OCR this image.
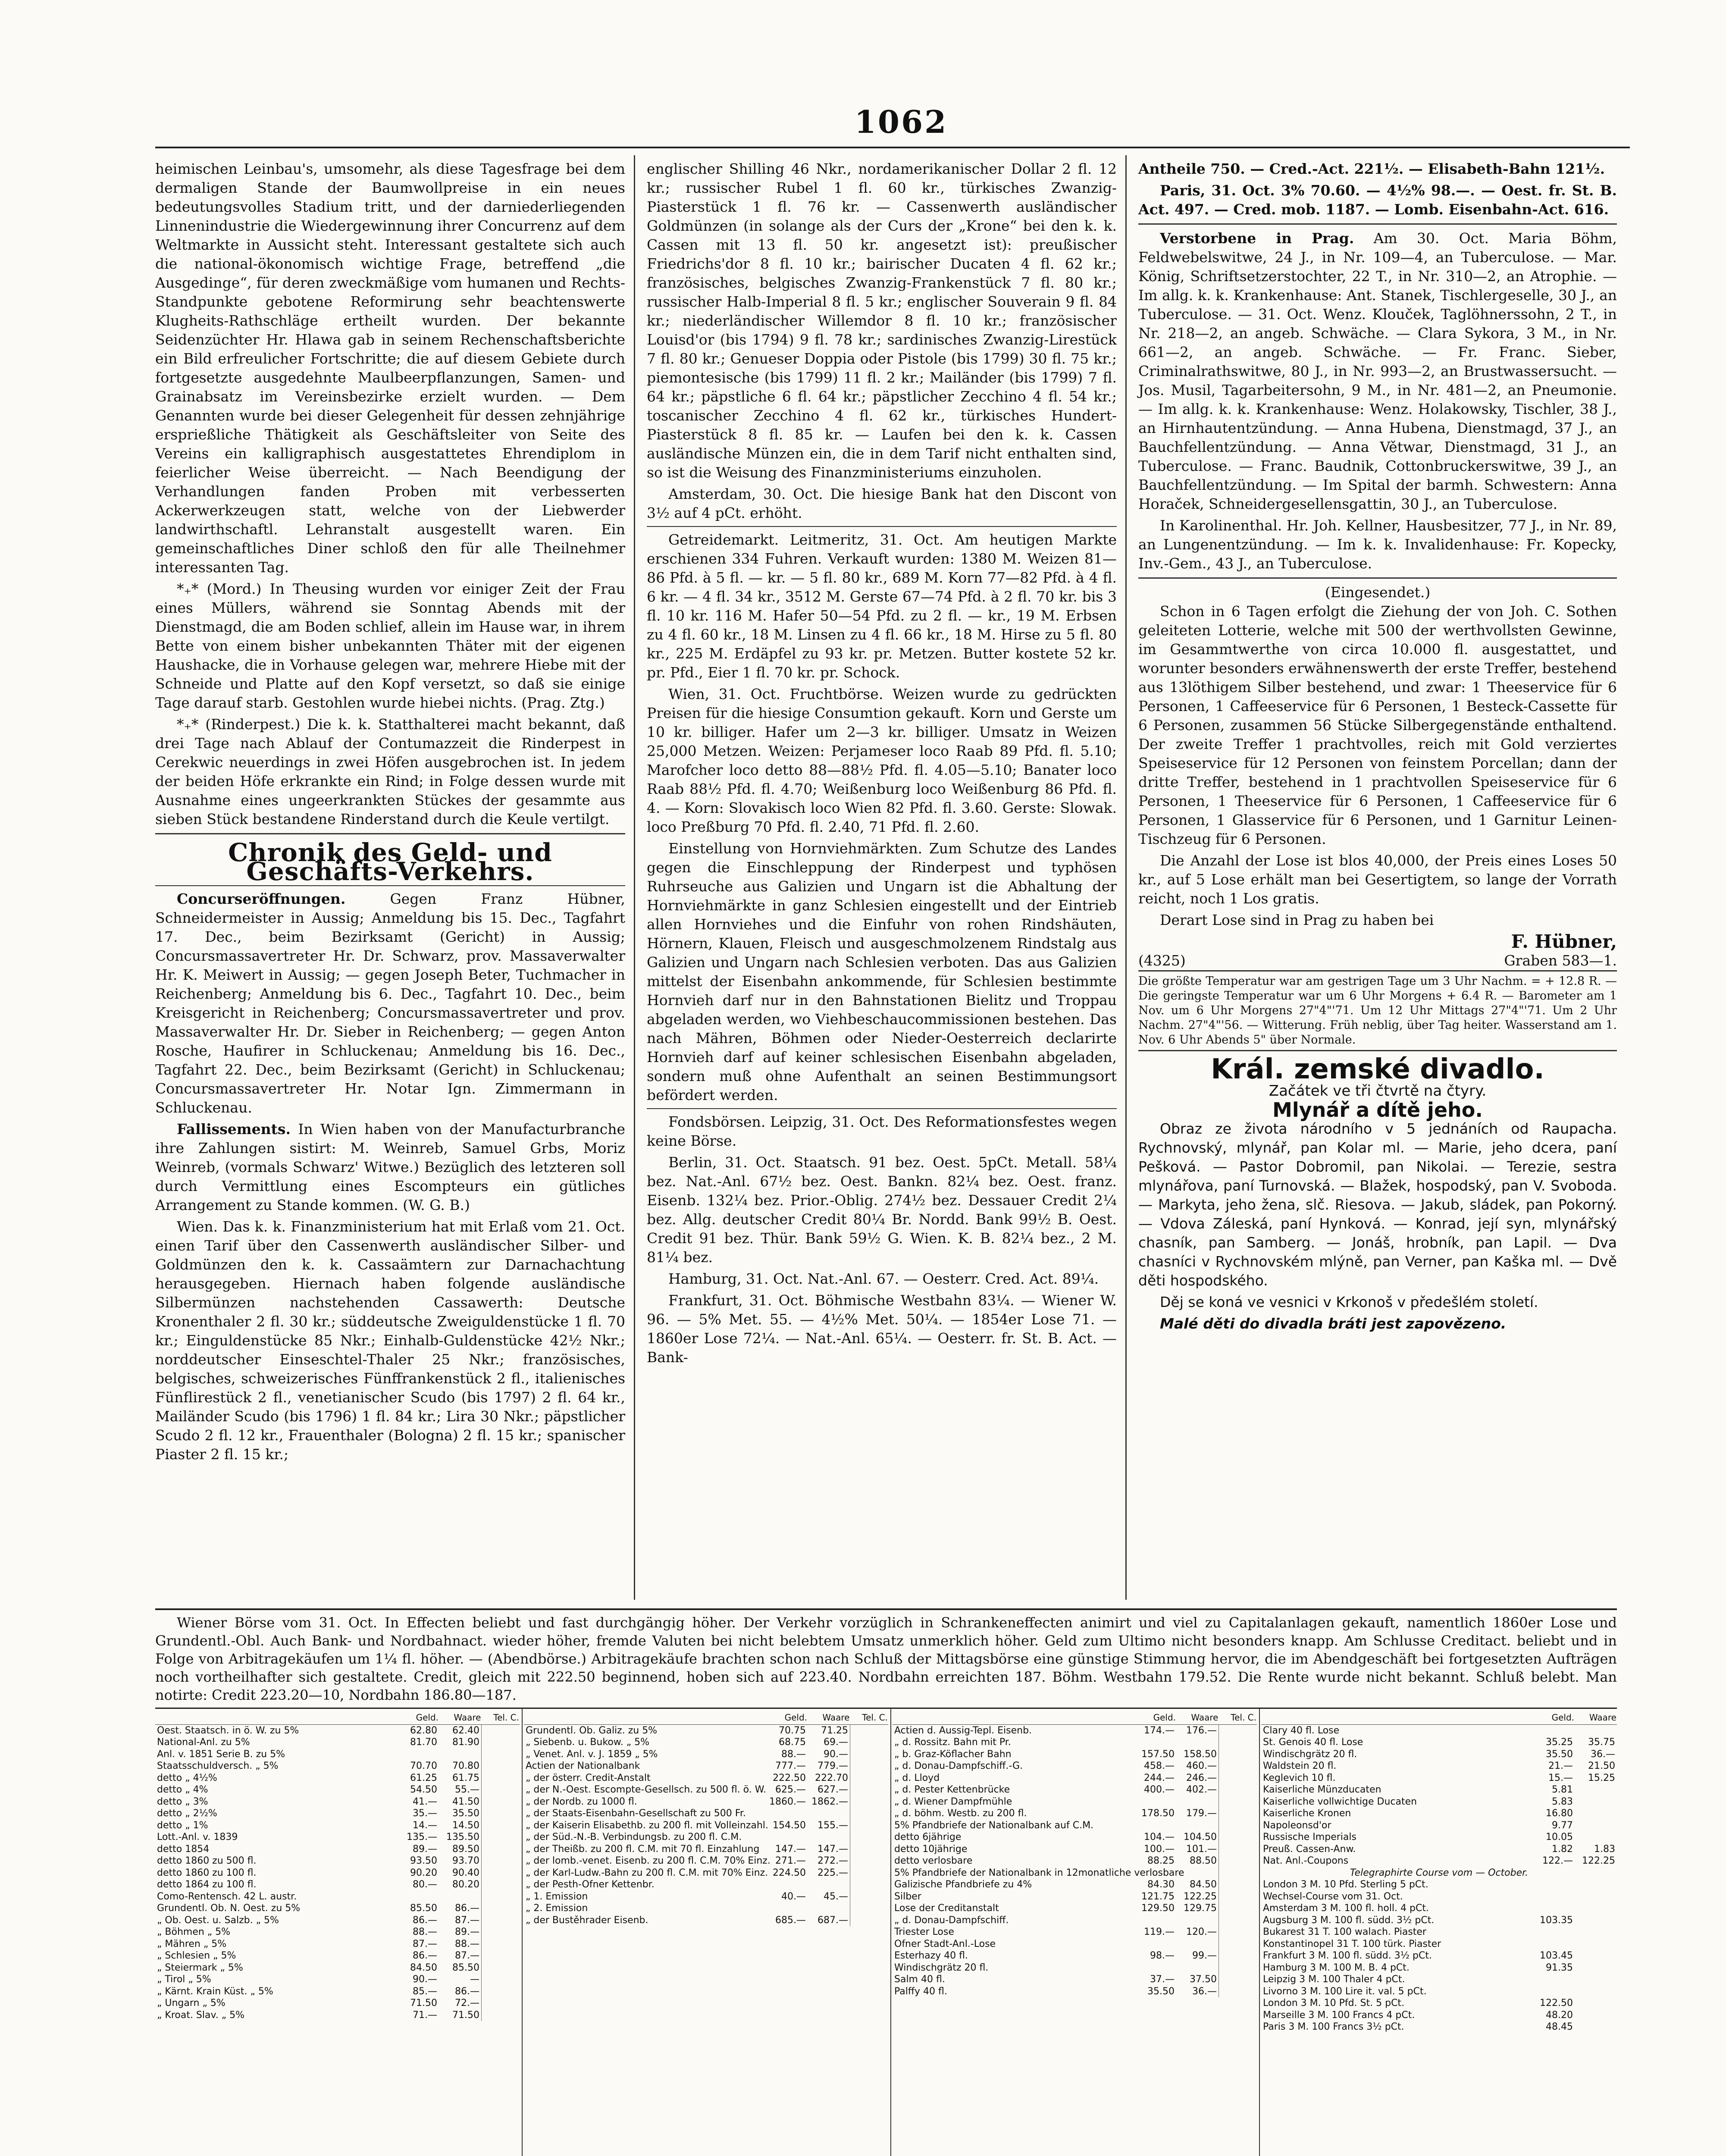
1062

heimischen Leinbau's, umsomehr, als diese Tagesfrage bei dem dermaligen Stande der Baumwollpreise in ein neues bedeutungsvolles Stadium tritt, und der darniederliegenden Linnenindustrie die Wiedergewinnung ihrer Concurrenz auf dem Weltmarkte in Aussicht steht. Interessant gestaltete sich auch die national-ökonomisch wichtige Frage, betreffend „die Ausgedinge“, für deren zweckmäßige vom humanen und Rechts-Standpunkte gebotene Reformirung sehr beachtenswerte Klugheits-Rathschläge ertheilt wurden. Der bekannte Seidenzüchter Hr. Hlawa gab in seinem Rechenschaftsberichte ein Bild erfreulicher Fortschritte; die auf diesem Gebiete durch fortgesetzte ausgedehnte Maulbeerpflanzungen, Samen- und Grainabsatz im Vereinsbezirke erzielt wurden. — Dem Genannten wurde bei dieser Gelegenheit für dessen zehnjährige ersprießliche Thätigkeit als Geschäftsleiter von Seite des Vereins ein kalligraphisch ausgestattetes Ehrendiplom in feierlicher Weise überreicht. — Nach Beendigung der Verhandlungen fanden Proben mit verbesserten Ackerwerkzeugen statt, welche von der Liebwerder landwirthschaftl. Lehranstalt ausgestellt waren. Ein gemeinschaftliches Diner schloß den für alle Theilnehmer interessanten Tag.

*₊* (Mord.) In Theusing wurden vor einiger Zeit der Frau eines Müllers, während sie Sonntag Abends mit der Dienstmagd, die am Boden schlief, allein im Hause war, in ihrem Bette von einem bisher unbekannten Thäter mit der eigenen Haushacke, die in Vorhause gelegen war, mehrere Hiebe mit der Schneide und Platte auf den Kopf versetzt, so daß sie einige Tage darauf starb. Gestohlen wurde hiebei nichts. (Prag. Ztg.)

*₊* (Rinderpest.) Die k. k. Statthalterei macht bekannt, daß drei Tage nach Ablauf der Contumazzeit die Rinderpest in Cerekwic neuerdings in zwei Höfen ausgebrochen ist. In jedem der beiden Höfe erkrankte ein Rind; in Folge dessen wurde mit Ausnahme eines ungeerkrankten Stückes der gesammte aus sieben Stück bestandene Rinderstand durch die Keule vertilgt.

Chronik des Geld- und Geschäfts-Verkehrs.

Concurseröffnungen.	Gegen Franz Hübner, Schneidermeister in Aussig; Anmeldung bis 15. Dec., Tagfahrt 17. Dec., beim Bezirksamt (Gericht) in Aussig; Concursmassavertreter Hr. Dr. Schwarz, prov. Massaverwalter Hr. K. Meiwert in Aussig; — gegen Joseph Beter, Tuchmacher in Reichenberg; Anmeldung bis 6. Dec., Tagfahrt 10. Dec., beim Kreisgericht in Reichenberg; Concursmassavertreter und prov. Massaverwalter Hr. Dr. Sieber in Reichenberg; — gegen Anton Rosche, Haufirer in Schluckenau; Anmeldung bis 16. Dec., Tagfahrt 22. Dec., beim Bezirksamt (Gericht) in Schluckenau; Concursmassavertreter Hr. Notar Ign. Zimmermann in Schluckenau.

Fallissements. In Wien haben von der Manufacturbranche ihre Zahlungen sistirt: M. Weinreb, Samuel Grbs, Moriz Weinreb, (vormals Schwarz' Witwe.) Bezüglich des letzteren soll durch Vermittlung eines Escompteurs ein gütliches Arrangement zu Stande kommen. (W. G. B.)

Wien. Das k. k. Finanzministerium hat mit Erlaß vom 21. Oct. einen Tarif über den Cassenwerth ausländischer Silber- und Goldmünzen den k. k. Cassaämtern zur Darnachachtung herausgegeben. Hiernach haben folgende ausländische Silbermünzen nachstehenden Cassawerth: Deutsche Kronenthaler 2 fl. 30 kr.; süddeutsche Zweiguldenstücke 1 fl. 70 kr.; Einguldenstücke 85 Nkr.; Einhalb-Guldenstücke 42½ Nkr.; norddeutscher Einseschtel-Thaler 25 Nkr.; französisches, belgisches, schweizerisches Fünffrankenstück 2 fl., italienisches Fünflirestück 2 fl., venetianischer Scudo (bis 1797) 2 fl. 64 kr., Mailänder Scudo (bis 1796) 1 fl. 84 kr.; Lira 30 Nkr.; päpstlicher Scudo 2 fl. 12 kr., Frauenthaler (Bologna) 2 fl. 15 kr.; spanischer Piaster 2 fl. 15 kr.;

englischer Shilling 46 Nkr., nordamerikanischer Dollar 2 fl. 12 kr.; russischer Rubel 1 fl. 60 kr., türkisches Zwanzig-Piasterstück 1 fl. 76 kr. — Cassenwerth ausländischer Goldmünzen (in solange als der Curs der „Krone“ bei den k. k. Cassen mit 13 fl. 50 kr. angesetzt ist): preußischer Friedrichs'dor 8 fl. 10 kr.; bairischer Ducaten 4 fl. 62 kr.; französisches, belgisches Zwanzig-Frankenstück 7 fl. 80 kr.; russischer Halb-Imperial 8 fl. 5 kr.; englischer Souverain 9 fl. 84 kr.; niederländischer Willemdor 8 fl. 10 kr.; französischer Louisd'or (bis 1794) 9 fl. 78 kr.; sardinisches Zwanzig-Lirestück 7 fl. 80 kr.; Genueser Doppia oder Pistole (bis 1799) 30 fl. 75 kr.; piemontesische (bis 1799) 11 fl. 2 kr.; Mailänder (bis 1799) 7 fl. 64 kr.; päpstliche 6 fl. 64 kr.; päpstlicher Zecchino 4 fl. 54 kr.; toscanischer Zecchino 4 fl. 62 kr., türkisches Hundert-Piasterstück 8 fl. 85 kr. — Laufen bei den k. k. Cassen ausländische Münzen ein, die in dem Tarif nicht enthalten sind, so ist die Weisung des Finanzministeriums einzuholen.

Amsterdam, 30. Oct. Die hiesige Bank hat den Discont von 3½ auf 4 pCt. erhöht.

Getreidemarkt. Leitmeritz, 31. Oct. Am heutigen Markte erschienen 334 Fuhren. Verkauft wurden: 1380 M. Weizen 81—86 Pfd. à 5 fl. — kr. — 5 fl. 80 kr., 689 M. Korn 77—82 Pfd. à 4 fl. 6 kr. — 4 fl. 34 kr., 3512 M. Gerste 67—74 Pfd. à 2 fl. 70 kr. bis 3 fl. 10 kr. 116 M. Hafer 50—54 Pfd. zu 2 fl. — kr., 19 M. Erbsen zu 4 fl. 60 kr., 18 M. Linsen zu 4 fl. 66 kr., 18 M. Hirse zu 5 fl. 80 kr., 225 M. Erdäpfel zu 93 kr. pr. Metzen. Butter kostete 52 kr. pr. Pfd., Eier 1 fl. 70 kr. pr. Schock.

Wien, 31. Oct. Fruchtbörse. Weizen wurde zu gedrückten Preisen für die hiesige Consumtion gekauft. Korn und Gerste um 10 kr. billiger. Hafer um 2—3 kr. billiger. Umsatz in Weizen 25,000 Metzen. Weizen: Perjameser loco Raab 89 Pfd. fl. 5.10; Marofcher loco detto 88—88½ Pfd. fl. 4.05—5.10; Banater loco Raab 88½ Pfd. fl. 4.70; Weißenburg loco Weißenburg 86 Pfd. fl. 4. — Korn: Slovakisch loco Wien 82 Pfd. fl. 3.60. Gerste: Slowak. loco Preßburg 70 Pfd. fl. 2.40, 71 Pfd. fl. 2.60.

Einstellung von Hornviehmärkten. Zum Schutze des Landes gegen die Einschleppung der Rinderpest und typhösen Ruhrseuche aus Galizien und Ungarn ist die Abhaltung der Hornviehmärkte in ganz Schlesien eingestellt und der Eintrieb allen Hornviehes und die Einfuhr von rohen Rindshäuten, Hörnern, Klauen, Fleisch und ausgeschmolzenem Rindstalg aus Galizien und Ungarn nach Schlesien verboten. Das aus Galizien mittelst der Eisenbahn ankommende, für Schlesien bestimmte Hornvieh darf nur in den Bahnstationen Bielitz und Troppau abgeladen werden, wo Viehbeschaucommissionen bestehen. Das nach Mähren, Böhmen oder Nieder-Oesterreich declarirte Hornvieh darf auf keiner schlesischen Eisenbahn abgeladen, sondern muß ohne Aufenthalt an seinen Bestimmungsort befördert werden.

Fondsbörsen. Leipzig, 31. Oct. Des Reformationsfestes wegen keine Börse.

Berlin, 31. Oct. Staatsch. 91 bez. Oest. 5pCt. Metall. 58¼ bez. Nat.-Anl. 67½ bez. Oest. Bankn. 82¼ bez. Oest. franz. Eisenb. 132¼ bez. Prior.-Oblig. 274½ bez. Dessauer Credit 2¼ bez. Allg. deutscher Credit 80¼ Br. Nordd. Bank 99½ B. Oest. Credit 91 bez. Thür. Bank 59½ G. Wien. K. B. 82¼ bez., 2 M. 81¼ bez.

Hamburg, 31. Oct. Nat.-Anl. 67. — Oesterr. Cred. Act. 89¼.

Frankfurt, 31. Oct. Böhmische Westbahn 83¼. — Wiener W. 96. — 5% Met. 55. — 4½% Met. 50¼. — 1854er Lose 71. — 1860er Lose 72¼. — Nat.-Anl. 65¼. — Oesterr. fr. St. B. Act. — Bank-

Antheile 750. — Cred.-Act. 221½. — Elisabeth-Bahn 121½.

Paris, 31. Oct. 3% 70.60. — 4½% 98.—. — Oest. fr. St. B. Act. 497. — Cred. mob. 1187. — Lomb. Eisenbahn-Act. 616.

Verstorbene in Prag. Am 30. Oct. Maria Böhm, Feldwebelswitwe, 24 J., in Nr. 109—4, an Tuberculose. — Mar. König, Schriftsetzerstochter, 22 T., in Nr. 310—2, an Atrophie. — Im allg. k. k. Krankenhause: Ant. Stanek, Tischlergeselle, 30 J., an Tuberculose. — 31. Oct. Wenz. Klouček, Taglöhnerssohn, 2 T., in Nr. 218—2, an angeb. Schwäche. — Clara Sykora, 3 M., in Nr. 661—2, an angeb. Schwäche. — Fr. Franc. Sieber, Criminalrathswitwe, 80 J., in Nr. 993—2, an Brustwassersucht. — Jos. Musil, Tagarbeitersohn, 9 M., in Nr. 481—2, an Pneumonie. — Im allg. k. k. Krankenhause: Wenz. Holakowsky, Tischler, 38 J., an Hirnhautentzündung. — Anna Hubena, Dienstmagd, 37 J., an Bauchfellentzündung. — Anna Větwar, Dienstmagd, 31 J., an Tuberculose. — Franc. Baudnik, Cottonbruckerswitwe, 39 J., an Bauchfellentzündung. — Im Spital der barmh. Schwestern: Anna Horaček, Schneidergesellensgattin, 30 J., an Tuberculose.

In Karolinenthal. Hr. Joh. Kellner, Hausbesitzer, 77 J., in Nr. 89, an Lungenentzündung. — Im k. k. Invalidenhause: Fr. Kopecky, Inv.-Gem., 43 J., an Tuberculose.

(Eingesendet.)

Schon in 6 Tagen erfolgt die Ziehung der von Joh. C. Sothen geleiteten Lotterie, welche mit 500 der werthvollsten Gewinne, im Gesammtwerthe von circa 10.000 fl. ausgestattet, und worunter besonders erwähnenswerth der erste Treffer, bestehend aus 13löthigem Silber bestehend, und zwar: 1 Theeservice für 6 Personen, 1 Caffeeservice für 6 Personen, 1 Besteck-Cassette für 6 Personen, zusammen 56 Stücke Silbergegenstände enthaltend. Der zweite Treffer 1 prachtvolles, reich mit Gold verziertes Speiseservice für 12 Personen von feinstem Porcellan; dann der dritte Treffer, bestehend in 1 prachtvollen Speiseservice für 6 Personen, 1 Theeservice für 6 Personen, 1 Caffeeservice für 6 Personen, 1 Glasservice für 6 Personen, und 1 Garnitur Leinen-Tischzeug für 6 Personen.

Die Anzahl der Lose ist blos 40,000, der Preis eines Loses 50 kr., auf 5 Lose erhält man bei Gesertigtem, so lange der Vorrath reicht, noch 1 Los gratis.

Derart Lose sind in Prag zu haben bei

F. Hübner,
(4325)	Graben 583—1.
Die größte Temperatur war am gestrigen Tage um 3 Uhr Nachm. = + 12.8 R. — Die geringste Temperatur war um 6 Uhr Morgens + 6.4 R. — Barometer am 1 Nov. um 6 Uhr Morgens 27"4"'71. Um 12 Uhr Mittags 27"4"'71. Um 2 Uhr Nachm. 27"4"'56. — Witterung. Früh neblig, über Tag heiter. Wasserstand am 1. Nov. 6 Uhr Abends 5" über Normale.
Král. zemské divadlo.
Začátek ve tři čtvrtě na čtyry.
Mlynář a dítě jeho.

Obraz ze života národního v 5 jednáních od Raupacha. Rychnovský, mlynář, pan Kolar ml. — Marie, jeho dcera, paní Pešková. — Pastor Dobromil, pan Nikolai. — Terezie, sestra mlynářova, paní Turnovská. — Blažek, hospodský, pan V. Svoboda. — Markyta, jeho žena, slč. Riesova. — Jakub, sládek, pan Pokorný. — Vdova Záleská, paní Hynková. — Konrad, její syn, mlynářský chasník, pan Samberg. — Jonáš, hrobník, pan Lapil. — Dva chasníci v Rychnovském mlýně, pan Verner, pan Kaška ml. — Dvě děti hospodského.

Děj se koná ve vesnici v Krkonoš v předešlém století.

Malé děti do divadla bráti jest zapovězeno.

Wiener Börse vom 31. Oct. In Effecten beliebt und fast durchgängig höher. Der Verkehr vorzüglich in Schrankeneffecten animirt und viel zu Capitalanlagen gekauft, namentlich 1860er Lose und Grundentl.-Obl. Auch Bank- und Nordbahnact. wieder höher, fremde Valuten bei nicht belebtem Umsatz unmerklich höher. Geld zum Ultimo nicht besonders knapp. Am Schlusse Creditact. beliebt und in Folge von Arbitragekäufen um 1¼ fl. höher. — (Abendbörse.) Arbitragekäufe brachten schon nach Schluß der Mittagsbörse eine günstige Stimmung hervor, die im Abendgeschäft bei fortgesetzten Aufträgen noch vortheilhafter sich gestaltete. Credit, gleich mit 222.50 beginnend, hoben sich auf 223.40. Nordbahn erreichten 187. Böhm. Westbahn 179.52. Die Rente wurde nicht bekannt. Schluß belebt. Man notirte: Credit 223.20—10, Nordbahn 186.80—187.

	Geld.	Waare	Tel. C.
Oest. Staatsch. in ö. W. zu 5%	62.80	62.40	
National-Anl. zu 5%	81.70	81.90	
Anl. v. 1851 Serie B. zu 5%			
Staatsschuldversch. „ 5%	70.70	70.80	
detto „ 4½%	61.25	61.75	
detto „ 4%	54.50	55.—	
detto „ 3%	41.—	41.50	
detto „ 2½%	35.—	35.50	
detto „ 1%	14.—	14.50	
Lott.-Anl. v. 1839	135.—	135.50	
detto 1854	89.—	89.50	
detto 1860 zu 500 fl.	93.50	93.70	
detto 1860 zu 100 fl.	90.20	90.40	
detto 1864 zu 100 fl.	80.—	80.20	
Como-Rentensch. 42 L. austr.			
Grundentl. Ob. N. Oest. zu 5%	85.50	86.—	
„ Ob. Oest. u. Salzb. „ 5%	86.—	87.—	
„ Böhmen „ 5%	88.—	89.—	
„ Mähren „ 5%	87.—	88.—	
„ Schlesien „ 5%	86.—	87.—	
„ Steiermark „ 5%	84.50	85.50	
„ Tirol „ 5%	90.—	—	
„ Kärnt. Krain Küst. „ 5%	85.—	86.—	
„ Ungarn „ 5%	71.50	72.—	
„ Kroat. Slav. „ 5%	71.—	71.50	
	Geld.	Waare	Tel. C.
Grundentl. Ob. Galiz. zu 5%	70.75	71.25	
„ Siebenb. u. Bukow. „ 5%	68.75	69.—	
„ Venet. Anl. v. J. 1859 „ 5%	88.—	90.—	
Actien der Nationalbank	777.—	779.—	
„ der österr. Credit-Anstalt	222.50	222.70	
„ der N.-Oest. Escompte-Gesellsch. zu 500 fl. ö. W.	625.—	627.—	
„ der Nordb. zu 1000 fl.	1860.—	1862.—	
„ der Staats-Eisenbahn-Gesellschaft zu 500 Fr.			
„ der Kaiserin Elisabethb. zu 200 fl. mit Volleinzahl.	154.50	155.—	
„ der Süd.-N.-B. Verbindungsb. zu 200 fl. C.M.			
„ der Theißb. zu 200 fl. C.M. mit 70 fl. Einzahlung	147.—	147.—	
„ der lomb.-venet. Eisenb. zu 200 fl. C.M. 70% Einz.	271.—	272.—	
„ der Karl-Ludw.-Bahn zu 200 fl. C.M. mit 70% Einz.	224.50	225.—	
„ der Pesth-Ofner Kettenbr.			
„ 1. Emission	40.—	45.—	
„ 2. Emission			
„ der Bustěhrader Eisenb.	685.—	687.—	
	Geld.	Waare	Tel. C.
Actien d. Aussig-Tepl. Eisenb.	174.—	176.—	
„ d. Rossitz. Bahn mit Pr.			
„ b. Graz-Köflacher Bahn	157.50	158.50	
„ d. Donau-Dampfschiff.-G.	458.—	460.—	
„ d. Lloyd	244.—	246.—	
„ d. Pester Kettenbrücke	400.—	402.—	
„ d. Wiener Dampfmühle			
„ d. böhm. Westb. zu 200 fl.	178.50	179.—	
5% Pfandbriefe der Nationalbank auf C.M.			
detto 6jährige	104.—	104.50	
detto 10jährige	100.—	101.—	
detto verlosbare	88.25	88.50	
5% Pfandbriefe der Nationalbank in 12monatliche verlosbare			
Galizische Pfandbriefe zu 4%	84.30	84.50	
Silber	121.75	122.25	
Lose der Creditanstalt	129.50	129.75	
„ d. Donau-Dampfschiff.			
Triester Lose	119.—	120.—	
Ofner Stadt-Anl.-Lose			
Esterhazy 40 fl.	98.—	99.—	
Windischgrätz 20 fl.			
Salm 40 fl.	37.—	37.50	
Palffy 40 fl.	35.50	36.—	
	Geld.	Waare
Clary 40 fl. Lose		
St. Genois 40 fl. Lose	35.25	35.75
Windischgrätz 20 fl.	35.50	36.—
Waldstein 20 fl.	21.—	21.50
Keglevich 10 fl.	15.—	15.25
Kaiserliche Münzducaten	5.81	
Kaiserliche vollwichtige Ducaten	5.83	
Kaiserliche Kronen	16.80	
Napoleonsd'or	9.77	
Russische Imperials	10.05	
Preuß. Cassen-Anw.	1.82	1.83
Nat. Anl.-Coupons	122.—	122.25
Telegraphirte Course vom — October.
London 3 M. 10 Pfd. Sterling 5 pCt.		
Wechsel-Course vom 31. Oct.		
Amsterdam 3 M. 100 fl. holl. 4 pCt.		
Augsburg 3 M. 100 fl. südd. 3½ pCt.	103.35	
Bukarest 31 T. 100 walach. Piaster		
Konstantinopel 31 T. 100 türk. Piaster		
Frankfurt 3 M. 100 fl. südd. 3½ pCt.	103.45	
Hamburg 3 M. 100 M. B. 4 pCt.	91.35	
Leipzig 3 M. 100 Thaler 4 pCt.		
Livorno 3 M. 100 Lire it. val. 5 pCt.		
London 3 M. 10 Pfd. St. 5 pCt.	122.50	
Marseille 3 M. 100 Francs 4 pCt.	48.20	
Paris 3 M. 100 Francs 3½ pCt.	48.45	
